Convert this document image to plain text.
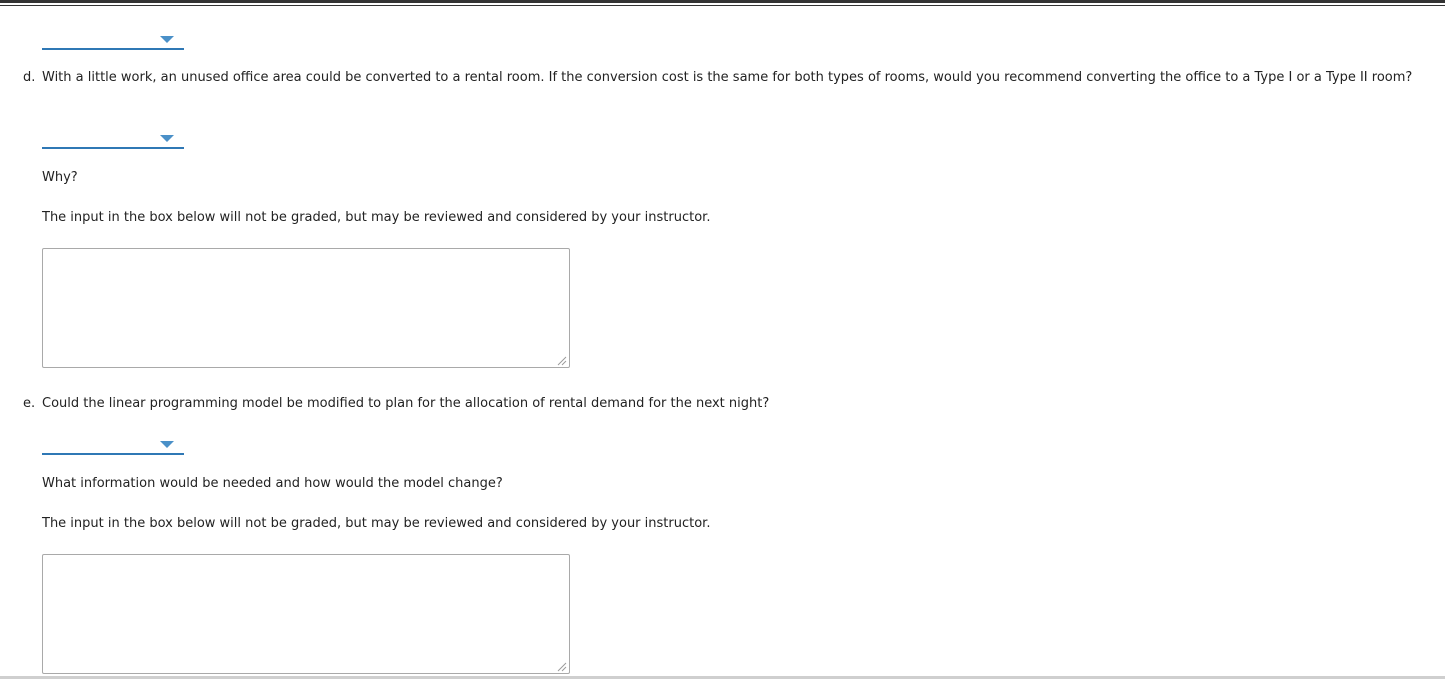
d. With a little work, an unused office area could be converted to a rental room. If the conversion cost is the same for both types of rooms, would you recommend converting the office to a Type I or a Type II room?
Why?
The input in the box below will not be graded, but may be reviewed and considered by your instructor.
e. Could the linear programming model be modified to plan for the allocation of rental demand for the next night?
What information would be needed and how would the model change?
The input in the box below will not be graded, but may be reviewed and considered by your instructor.
